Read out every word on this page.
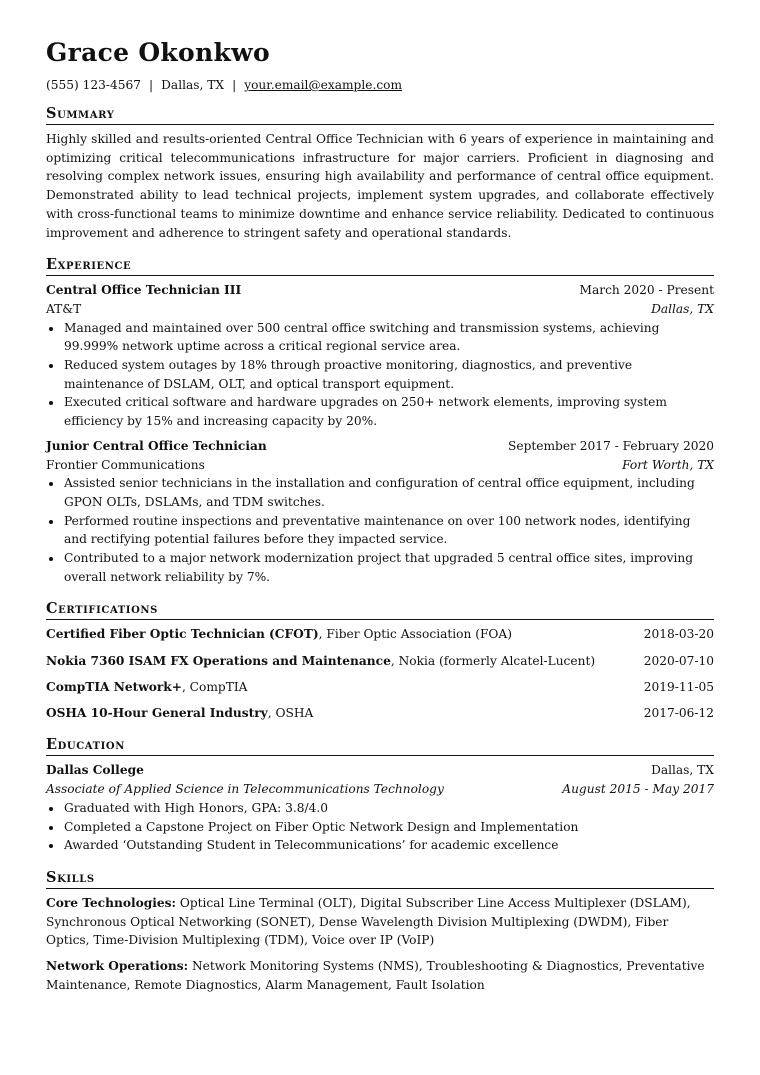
Grace Okonkwo
(555) 123-4567 | Dallas, TX | your.email@example.com
Summary

Highly skilled and results-oriented Central Office Technician with 6 years of experience in maintaining and optimizing critical telecommunications infrastructure for major carriers. Proficient in diagnosing and resolving complex network issues, ensuring high availability and performance of central office equipment. Demonstrated ability to lead technical projects, implement system upgrades, and collaborate effectively with cross-functional teams to minimize downtime and enhance service reliability. Dedicated to continuous improvement and adherence to stringent safety and operational standards.

Experience
Central Office Technician III	March 2020 - Present
AT&T	Dallas, TX
• Managed and maintained over 500 central office switching and transmission systems, achieving 99.999% network uptime across a critical regional service area.
• Reduced system outages by 18% through proactive monitoring, diagnostics, and preventive maintenance of DSLAM, OLT, and optical transport equipment.
• Executed critical software and hardware upgrades on 250+ network elements, improving system efficiency by 15% and increasing capacity by 20%.
Junior Central Office Technician	September 2017 - February 2020
Frontier Communications	Fort Worth, TX
• Assisted senior technicians in the installation and configuration of central office equipment, including GPON OLTs, DSLAMs, and TDM switches.
• Performed routine inspections and preventative maintenance on over 100 network nodes, identifying and rectifying potential failures before they impacted service.
• Contributed to a major network modernization project that upgraded 5 central office sites, improving overall network reliability by 7%.
Certifications
Certified Fiber Optic Technician (CFOT), Fiber Optic Association (FOA)	2018-03-20
Nokia 7360 ISAM FX Operations and Maintenance, Nokia (formerly Alcatel-Lucent)	2020-07-10
CompTIA Network+, CompTIA	2019-11-05
OSHA 10-Hour General Industry, OSHA	2017-06-12
Education
Dallas College	Dallas, TX
Associate of Applied Science in Telecommunications Technology	August 2015 - May 2017
• Graduated with High Honors, GPA: 3.8/4.0
• Completed a Capstone Project on Fiber Optic Network Design and Implementation
• Awarded ‘Outstanding Student in Telecommunications’ for academic excellence
Skills

Core Technologies: Optical Line Terminal (OLT), Digital Subscriber Line Access Multiplexer (DSLAM), Synchronous Optical Networking (SONET), Dense Wavelength Division Multiplexing (DWDM), Fiber Optics, Time-Division Multiplexing (TDM), Voice over IP (VoIP)

Network Operations: Network Monitoring Systems (NMS), Troubleshooting & Diagnostics, Preventative Maintenance, Remote Diagnostics, Alarm Management, Fault Isolation
